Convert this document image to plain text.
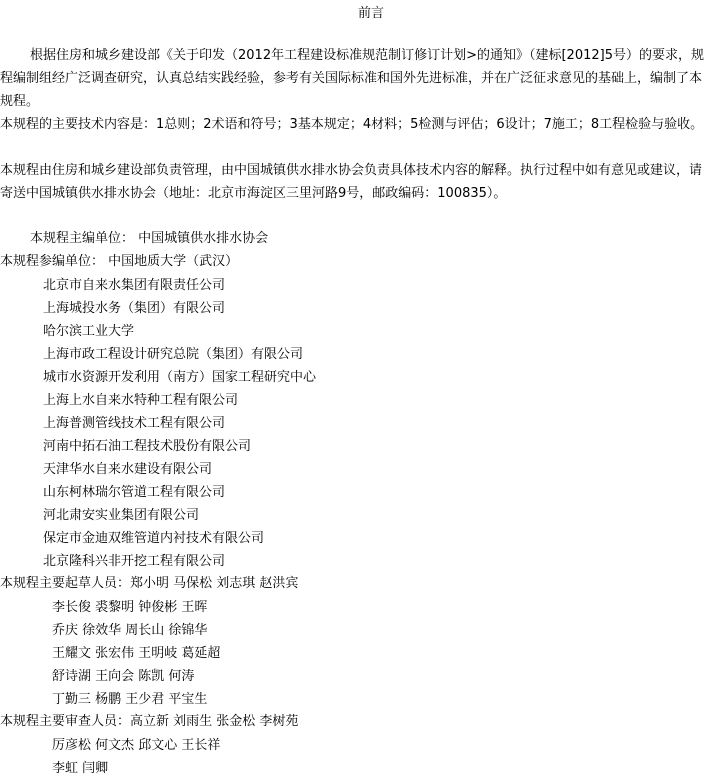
前言
根据住房和城乡建设部《关于印发（2012年工程建设标准规范制订修订计划>的通知》（建标[2012]5号）的要求，规程编制组经广泛调查研究，认真总结实践经验，参考有关国际标准和国外先进标准，并在广泛征求意见的基础上，编制了本规程。
本规程的主要技术内容是：1总则；2术语和符号；3基本规定；4材料；5检测与评估；6设计；7施工；8工程检验与验收。
本规程由住房和城乡建设部负责管理，由中国城镇供水排水协会负责具体技术内容的解释。执行过程中如有意见或建议，请寄送中国城镇供水排水协会（地址：北京市海淀区三里河路9号，邮政编码：100835）。
本规程主编单位： 中国城镇供水排水协会
本规程参编单位： 中国地质大学（武汉）
北京市自来水集团有限责任公司
上海城投水务（集团）有限公司
哈尔滨工业大学
上海市政工程设计研究总院（集团）有限公司
城市水资源开发利用（南方）国家工程研究中心
上海上水自来水特种工程有限公司
上海普测管线技术工程有限公司
河南中拓石油工程技术股份有限公司
天津华水自来水建设有限公司
山东柯林瑞尔管道工程有限公司
河北肃安实业集团有限公司
保定市金迪双维管道内衬技术有限公司
北京隆科兴非开挖工程有限公司
本规程主要起草人员：郑小明 马保松 刘志琪 赵洪宾
李长俊 裘黎明 钟俊彬 王晖
乔庆 徐效华 周长山 徐锦华
王耀文 张宏伟 王明岐 葛延超
舒诗湖 王向会 陈凯 何涛
丁勤三 杨鹏 王少君 平宝生
本规程主要审查人员：高立新 刘雨生 张金松 李树苑
厉彦松 何文杰 邱文心 王长祥
李虹 闫卿
